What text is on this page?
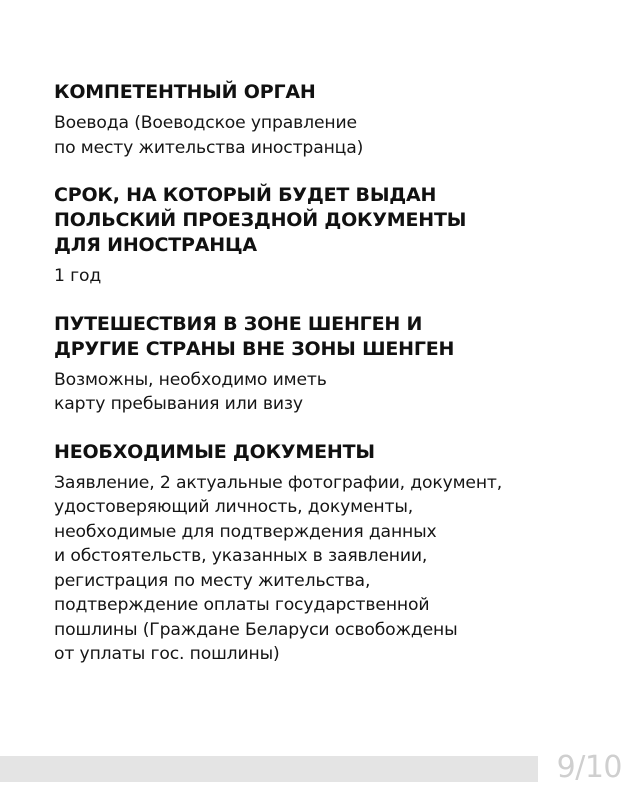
КОМПЕТЕНТНЫЙ ОРГАН

Воевода (Воеводское управление
по месту жительства иностранца)

СРОК, НА КОТОРЫЙ БУДЕТ ВЫДАН
ПОЛЬСКИЙ ПРОЕЗДНОЙ ДОКУМЕНТЫ
ДЛЯ ИНОСТРАНЦА

1 год

ПУТЕШЕСТВИЯ В ЗОНЕ ШЕНГЕН И
ДРУГИЕ СТРАНЫ ВНЕ ЗОНЫ ШЕНГЕН

Возможны, необходимо иметь
карту пребывания или визу

НЕОБХОДИМЫЕ ДОКУМЕНТЫ

Заявление, 2 актуальные фотографии, документ,
удостоверяющий личность, документы,
необходимые для подтверждения данных
и обстоятельств, указанных в заявлении,
регистрация по месту жительства,
подтверждение оплаты государственной
пошлины (Граждане Беларуси освобождены
от уплаты гос. пошлины)

9/10
